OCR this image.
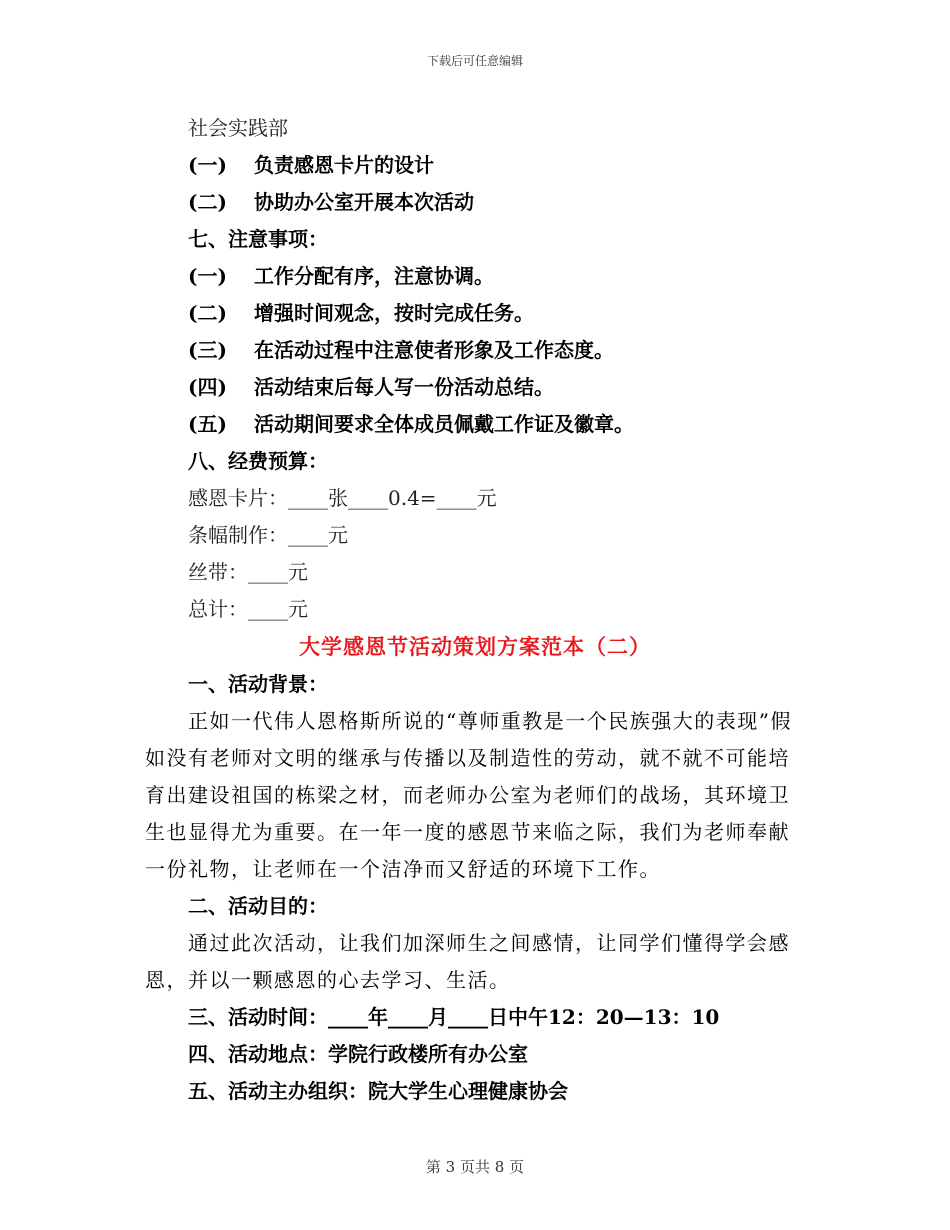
下载后可任意编辑
社会实践部
(一) 负责感恩卡片的设计
(二) 协助办公室开展本次活动
七、注意事项：
(一) 工作分配有序，注意协调。
(二) 增强时间观念，按时完成任务。
(三) 在活动过程中注意使者形象及工作态度。
(四) 活动结束后每人写一份活动总结。
(五) 活动期间要求全体成员佩戴工作证及徽章。
八、经费预算：
感恩卡片：____张____0.4=____元
条幅制作：____元
丝带：____元
总计：____元
大学感恩节活动策划方案范本（二）
一、活动背景：
正如一代伟人恩格斯所说的“尊师重教是一个民族强大的表现”假如没有老师对文明的继承与传播以及制造性的劳动，就不就不可能培育出建设祖国的栋梁之材，而老师办公室为老师们的战场，其环境卫生也显得尤为重要。在一年一度的感恩节来临之际，我们为老师奉献一份礼物，让老师在一个洁净而又舒适的环境下工作。
二、活动目的：
通过此次活动，让我们加深师生之间感情，让同学们懂得学会感恩，并以一颗感恩的心去学习、生活。
三、活动时间：____年____月____日中午12：20—13：10
四、活动地点：学院行政楼所有办公室
五、活动主办组织：院大学生心理健康协会
第 3 页共 8 页
